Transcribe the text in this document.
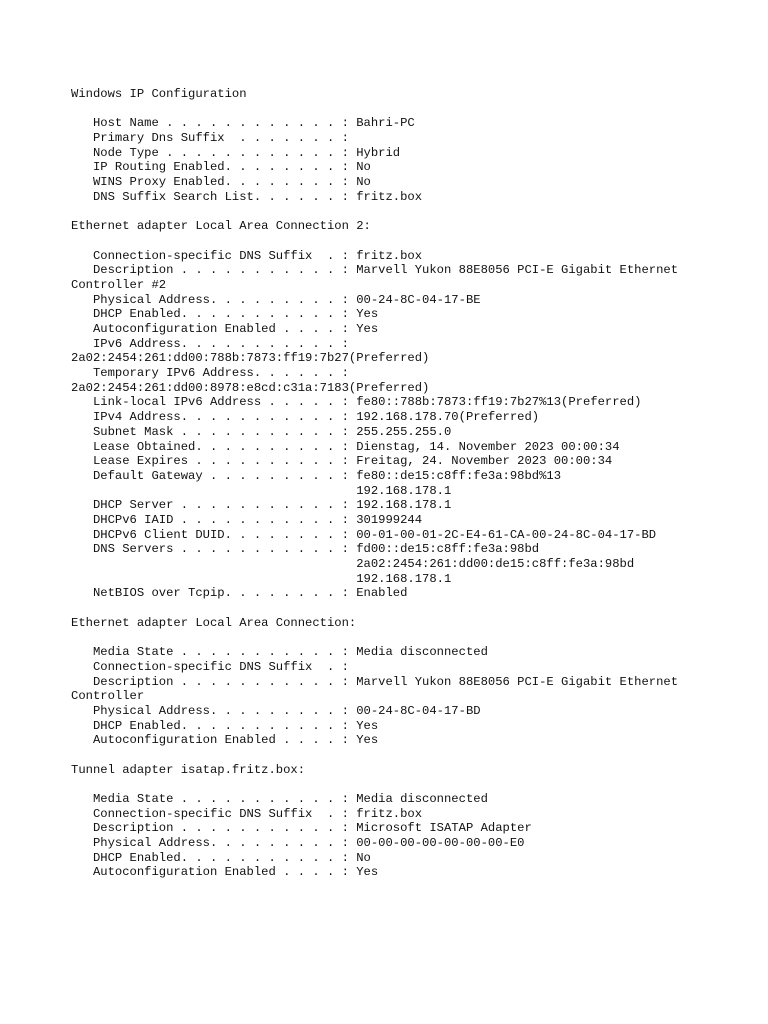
Windows IP Configuration
Host Name . . . . . . . . . . . . : Bahri-PC
Primary Dns Suffix  . . . . . . . :
Node Type . . . . . . . . . . . . : Hybrid
IP Routing Enabled. . . . . . . . : No
WINS Proxy Enabled. . . . . . . . : No
DNS Suffix Search List. . . . . . : fritz.box
Ethernet adapter Local Area Connection 2:
Connection-specific DNS Suffix  . : fritz.box
Description . . . . . . . . . . . : Marvell Yukon 88E8056 PCI-E Gigabit Ethernet
Controller #2
Physical Address. . . . . . . . . : 00-24-8C-04-17-BE
DHCP Enabled. . . . . . . . . . . : Yes
Autoconfiguration Enabled . . . . : Yes
IPv6 Address. . . . . . . . . . . :
2a02:2454:261:dd00:788b:7873:ff19:7b27(Preferred)
Temporary IPv6 Address. . . . . . :
2a02:2454:261:dd00:8978:e8cd:c31a:7183(Preferred)
Link-local IPv6 Address . . . . . : fe80::788b:7873:ff19:7b27%13(Preferred)
IPv4 Address. . . . . . . . . . . : 192.168.178.70(Preferred)
Subnet Mask . . . . . . . . . . . : 255.255.255.0
Lease Obtained. . . . . . . . . . : Dienstag, 14. November 2023 00:00:34
Lease Expires . . . . . . . . . . : Freitag, 24. November 2023 00:00:34
Default Gateway . . . . . . . . . : fe80::de15:c8ff:fe3a:98bd%13
192.168.178.1
DHCP Server . . . . . . . . . . . : 192.168.178.1
DHCPv6 IAID . . . . . . . . . . . : 301999244
DHCPv6 Client DUID. . . . . . . . : 00-01-00-01-2C-E4-61-CA-00-24-8C-04-17-BD
DNS Servers . . . . . . . . . . . : fd00::de15:c8ff:fe3a:98bd
2a02:2454:261:dd00:de15:c8ff:fe3a:98bd
192.168.178.1
NetBIOS over Tcpip. . . . . . . . : Enabled
Ethernet adapter Local Area Connection:
Media State . . . . . . . . . . . : Media disconnected
Connection-specific DNS Suffix  . :
Description . . . . . . . . . . . : Marvell Yukon 88E8056 PCI-E Gigabit Ethernet
Controller
Physical Address. . . . . . . . . : 00-24-8C-04-17-BD
DHCP Enabled. . . . . . . . . . . : Yes
Autoconfiguration Enabled . . . . : Yes
Tunnel adapter isatap.fritz.box:
Media State . . . . . . . . . . . : Media disconnected
Connection-specific DNS Suffix  . : fritz.box
Description . . . . . . . . . . . : Microsoft ISATAP Adapter
Physical Address. . . . . . . . . : 00-00-00-00-00-00-00-E0
DHCP Enabled. . . . . . . . . . . : No
Autoconfiguration Enabled . . . . : Yes
